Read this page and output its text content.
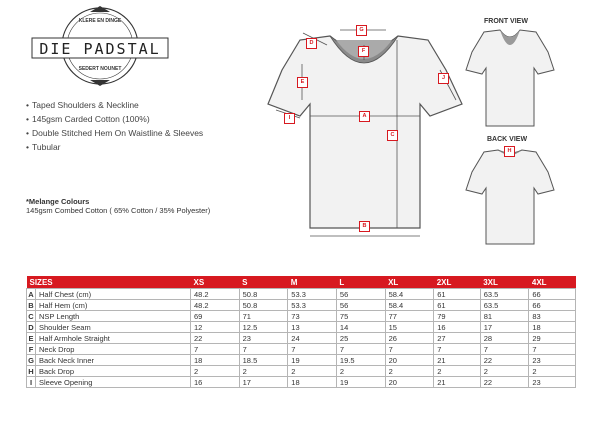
KLERE EN DINGE
DIE PADSTAL
SEDERT NOUNET
• Taped Shoulders & Neckline
• 145gsm Carded Cotton (100%)
• Double Stitched Hem On Waistline & Sleeves
• Tubular
*Melange Colours
145gsm Combed Cotton ( 65% Cotton / 35% Polyester)
FRONT VIEW
BACK VIEW
A
B
C
D
E
F
G
H
I
J
SIZES		XS	S	M	L	XL	2XL	3XL	4XL
A	Half Chest (cm)	48.2	50.8	53.3	56	58.4	61	63.5	66
B	Half Hem (cm)	48.2	50.8	53.3	56	58.4	61	63.5	66
C	NSP Length	69	71	73	75	77	79	81	83
D	Shoulder Seam	12	12.5	13	14	15	16	17	18
E	Half Armhole Straight	22	23	24	25	26	27	28	29
F	Neck Drop	7	7	7	7	7	7	7	7
G	Back Neck Inner	18	18.5	19	19.5	20	21	22	23
H	Back Drop	2	2	2	2	2	2	2	2
I	Sleeve Opening	16	17	18	19	20	21	22	23
